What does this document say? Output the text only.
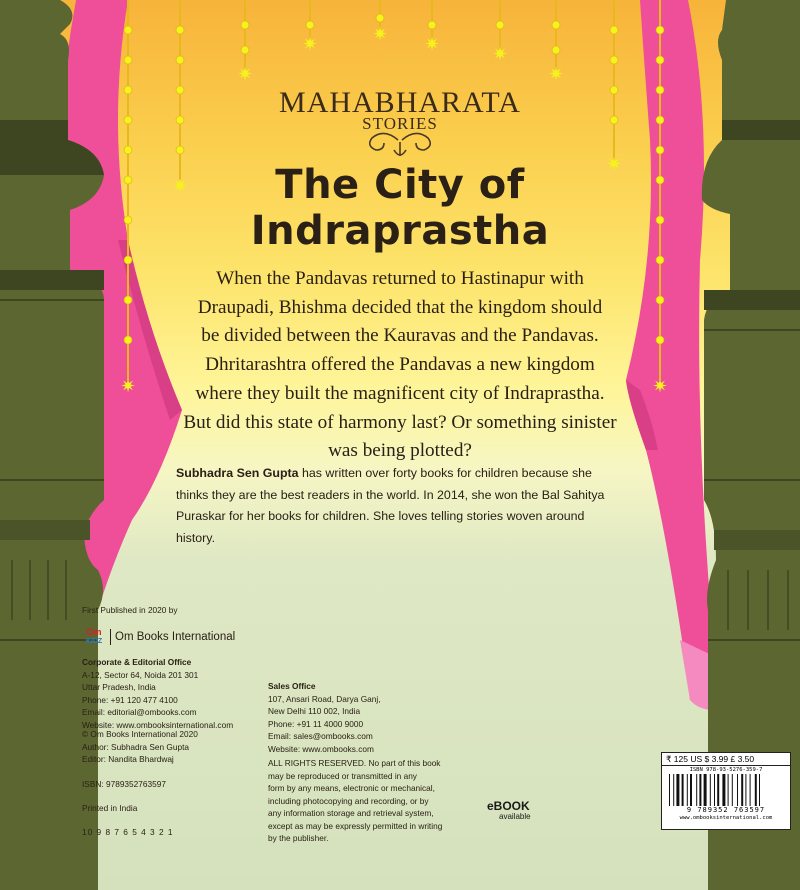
✷
✷
✷
✷	✷ ✷	✷
✷
✷
✷
MAHABHARATA
STORIES
The City of
Indraprastha
When the Pandavas returned to Hastinapur with
Draupadi, Bhishma decided that the kingdom should
be divided between the Kauravas and the Pandavas.
Dhritarashtra offered the Pandavas a new kingdom
where they built the magnificent city of Indraprastha.
But did this state of harmony last? Or something sinister
was being plotted?
Subhadra Sen Gupta has written over forty books for children because she thinks they are the best readers in the world. In 2014, she won the Bal Sahitya Puraskar for her books for children. She loves telling stories woven around history.
First Published in 2020 by
Om
KIDZ	Om Books International
Corporate & Editorial Office
A-12, Sector 64, Noida 201 301
Uttar Pradesh, India
Phone: +91 120 477 4100
Email: editorial@ombooks.com
Website: www.ombooksinternational.com
© Om Books International 2020
Author: Subhadra Sen Gupta
Editor: Nandita Bhardwaj
ISBN: 9789352763597
Printed in India
10 9 8 7 6 5 4 3 2 1
Sales Office
107, Ansari Road, Darya Ganj,
New Delhi 110 002, India
Phone: +91 11 4000 9000
Email: sales@ombooks.com
Website: www.ombooks.com
ALL RIGHTS RESERVED. No part of this book
may be reproduced or transmitted in any
form by any means, electronic or mechanical,
including photocopying and recording, or by
any information storage and retrieval system,
except as may be expressly permitted in writing
by the publisher.
eBOOK
available
₹ 125 US $ 3.99 £ 3.50
ISBN 978-93-5276-359-7
9 789352 763597
www.ombooksinternational.com
